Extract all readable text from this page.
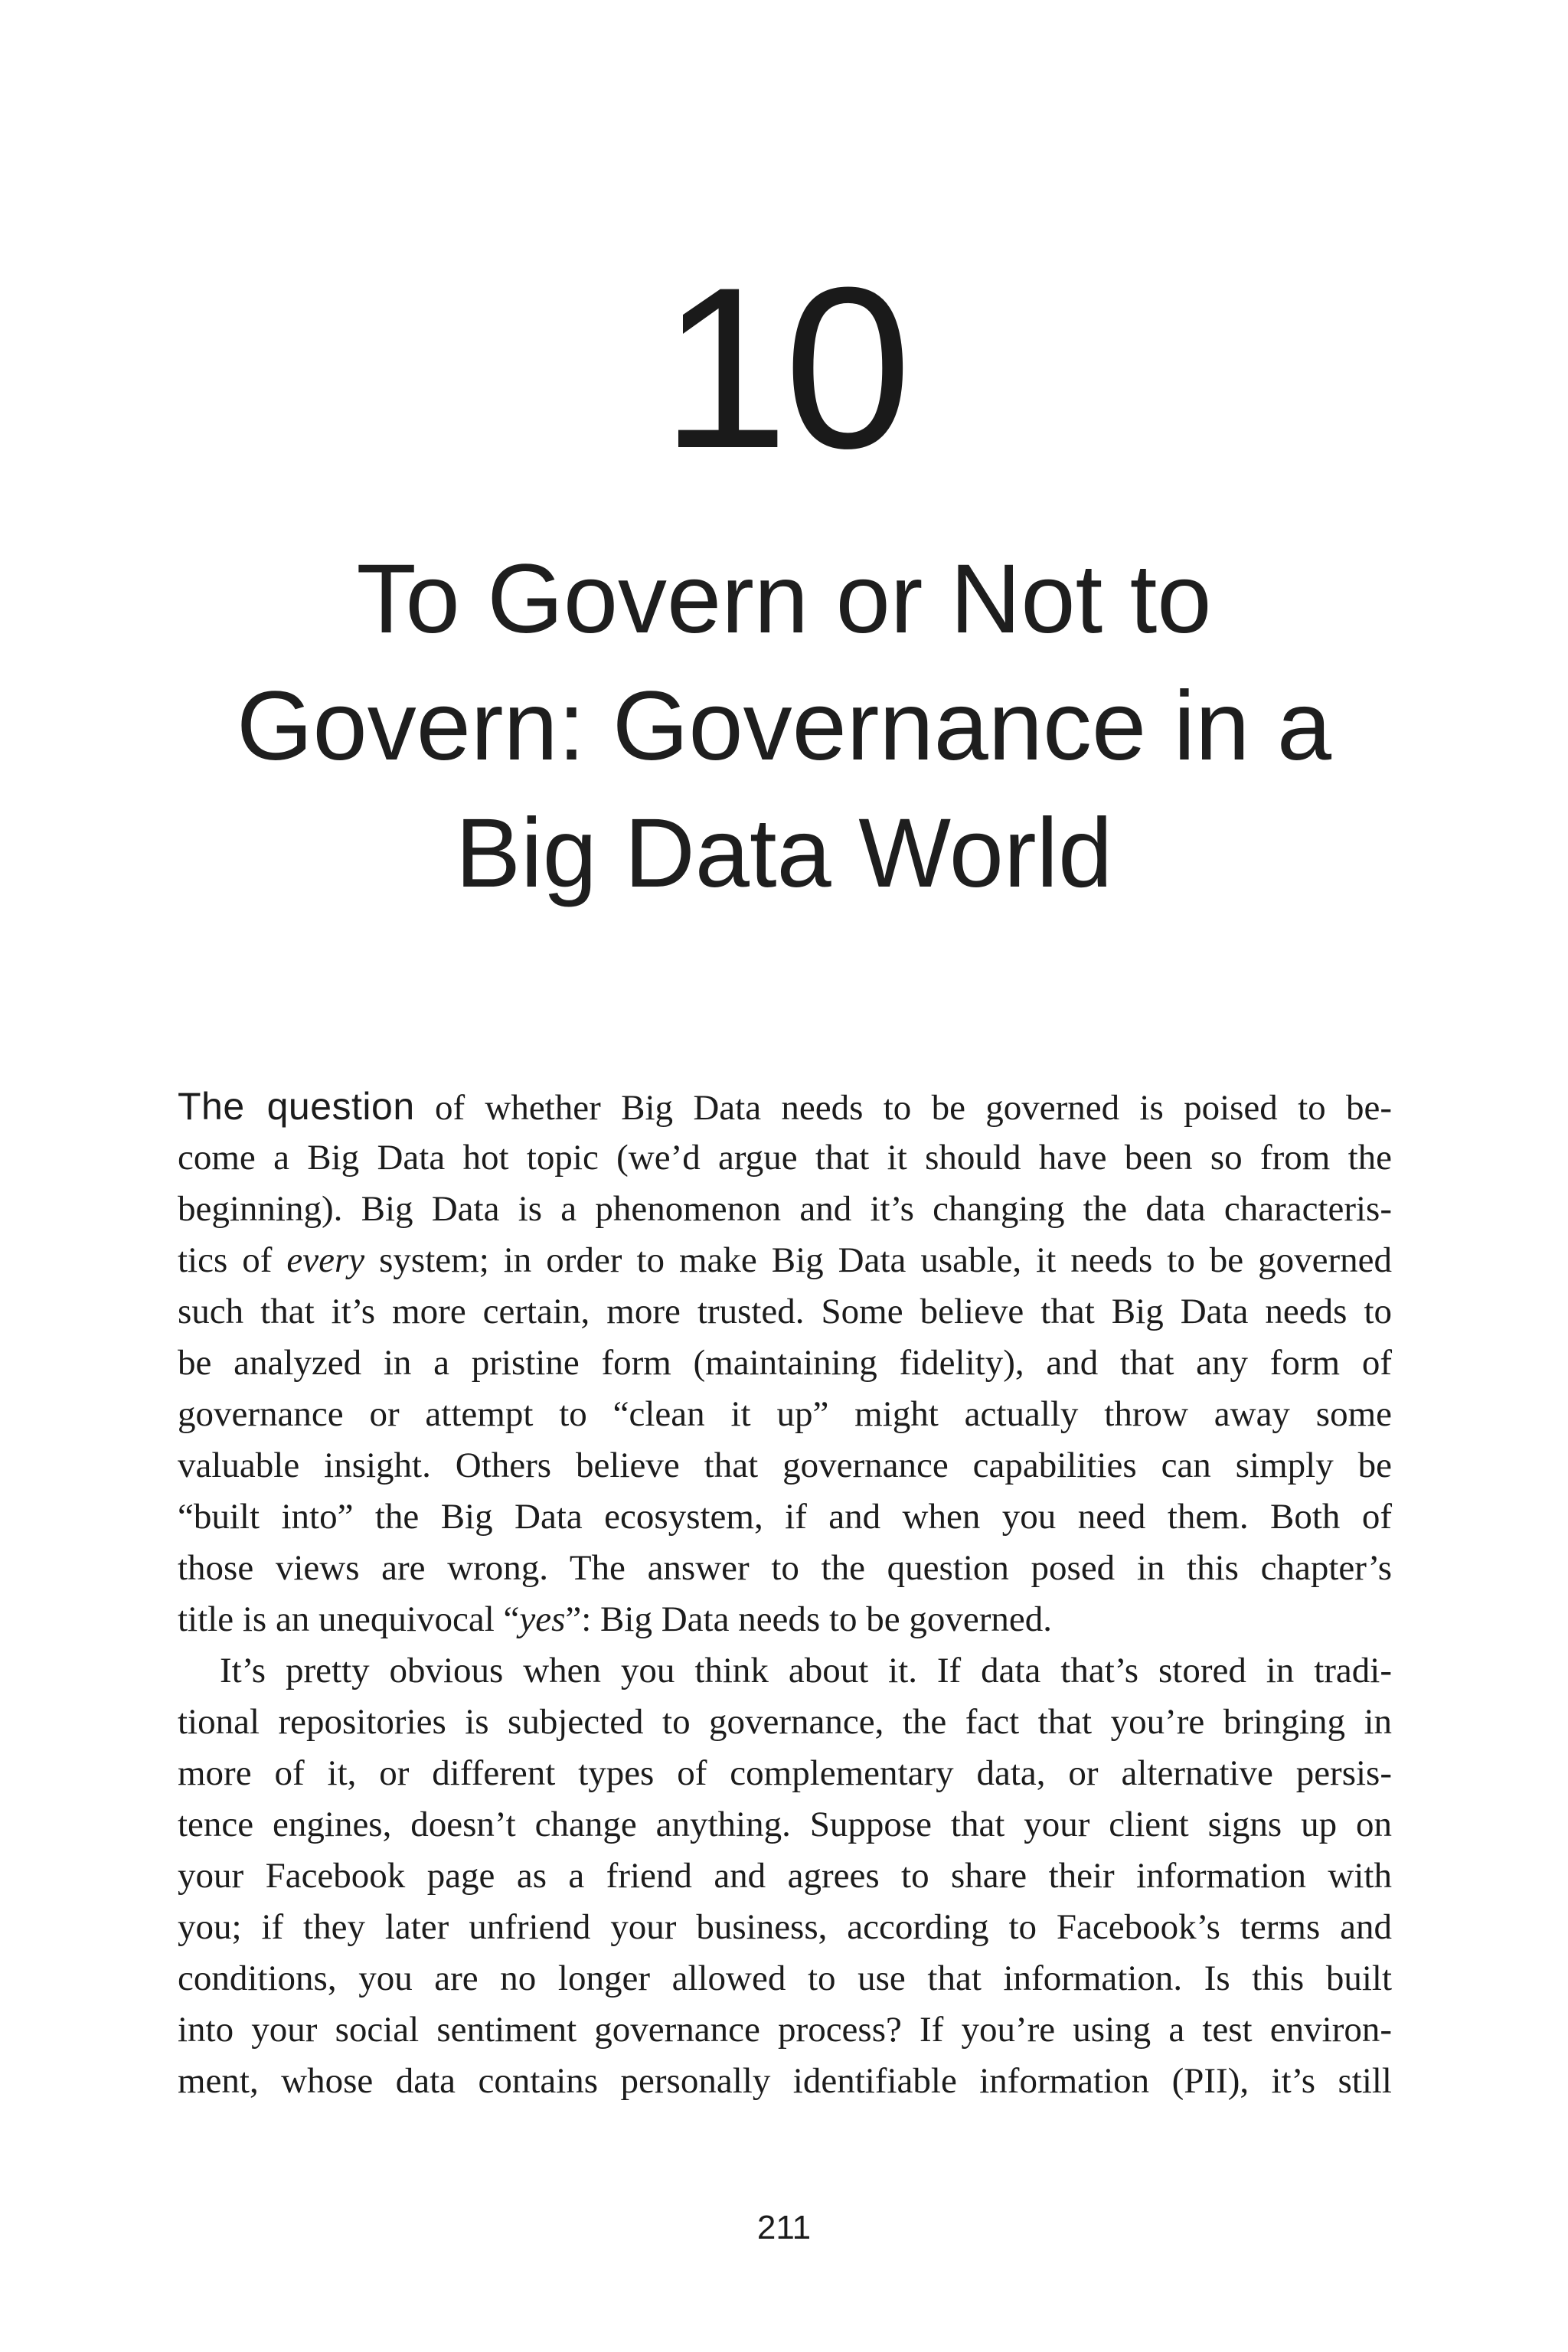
10
To Govern or Not to
Govern: Governance in a
Big Data World
The question of whether Big Data needs to be governed is poised to be-
come a Big Data hot topic (we’d argue that it should have been so from the
beginning). Big Data is a phenomenon and it’s changing the data characteris-
tics of every system; in order to make Big Data usable, it needs to be governed
such that it’s more certain, more trusted. Some believe that Big Data needs to
be analyzed in a pristine form (maintaining fidelity), and that any form of
governance or attempt to “clean it up” might actually throw away some
valuable insight. Others believe that governance capabilities can simply be
“built into” the Big Data ecosystem, if and when you need them. Both of
those views are wrong. The answer to the question posed in this chapter’s
title is an unequivocal “yes”: Big Data needs to be governed.
It’s pretty obvious when you think about it. If data that’s stored in tradi-
tional repositories is subjected to governance, the fact that you’re bringing in
more of it, or different types of complementary data, or alternative persis-
tence engines, doesn’t change anything. Suppose that your client signs up on
your Facebook page as a friend and agrees to share their information with
you; if they later unfriend your business, according to Facebook’s terms and
conditions, you are no longer allowed to use that information. Is this built
into your social sentiment governance process? If you’re using a test environ-
ment, whose data contains personally identifiable information (PII), it’s still
211
